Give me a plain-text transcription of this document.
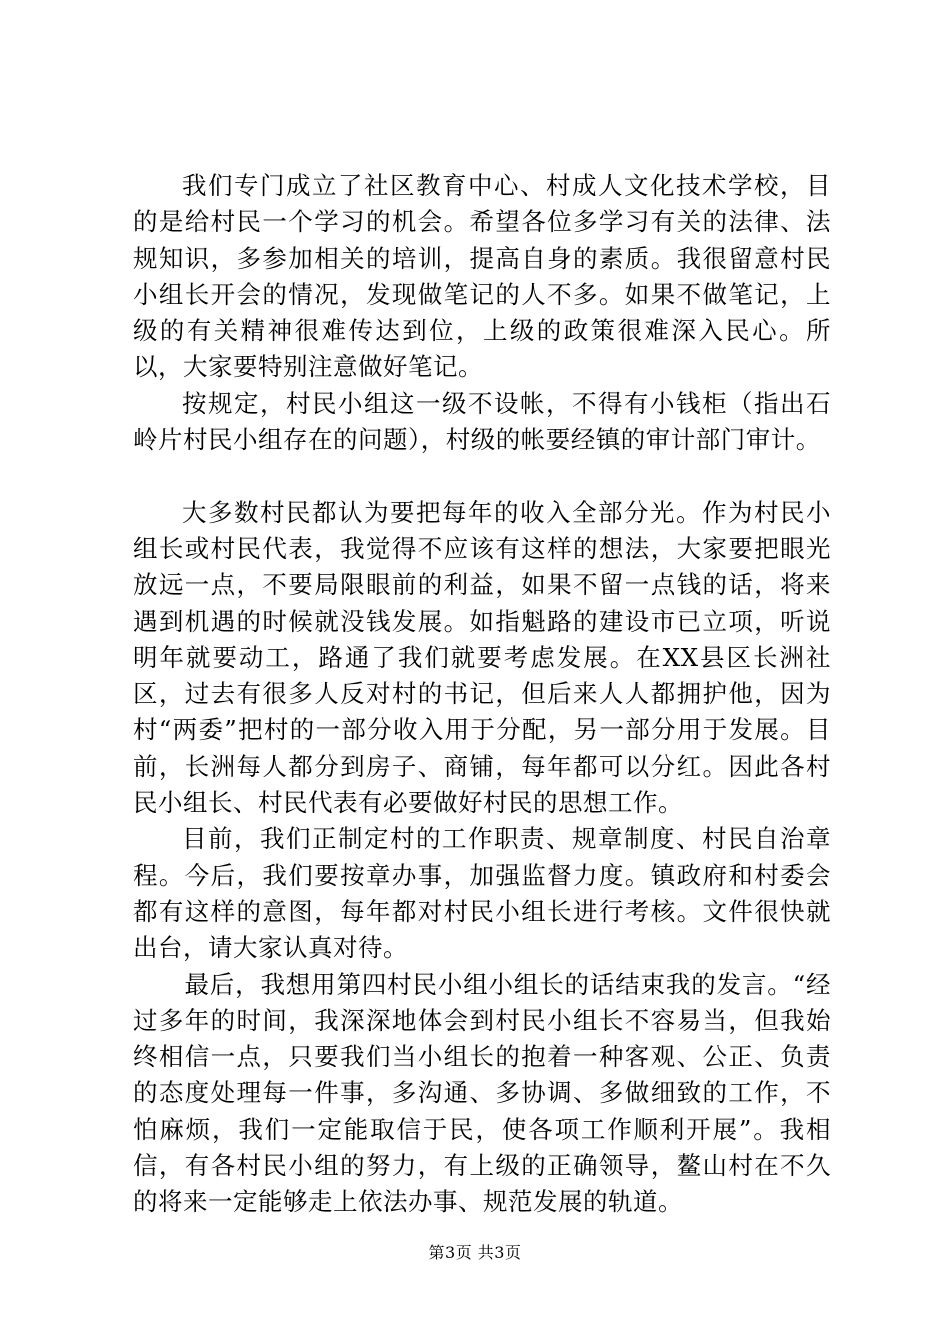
我们专门成立了社区教育中心、村成人文化技术学校，目的是给村民一个学习的机会。希望各位多学习有关的法律、法规知识，多参加相关的培训，提高自身的素质。我很留意村民小组长开会的情况，发现做笔记的人不多。如果不做笔记，上级的有关精神很难传达到位，上级的政策很难深入民心。所以，大家要特别注意做好笔记。

按规定，村民小组这一级不设帐，不得有小钱柜（指出石岭片村民小组存在的问题），村级的帐要经镇的审计部门审计。

大多数村民都认为要把每年的收入全部分光。作为村民小组长或村民代表，我觉得不应该有这样的想法，大家要把眼光放远一点，不要局限眼前的利益，如果不留一点钱的话，将来遇到机遇的时候就没钱发展。如指魁路的建设市已立项，听说明年就要动工，路通了我们就要考虑发展。在XX县区长洲社区，过去有很多人反对村的书记，但后来人人都拥护他，因为村“两委”把村的一部分收入用于分配，另一部分用于发展。目前，长洲每人都分到房子、商铺，每年都可以分红。因此各村民小组长、村民代表有必要做好村民的思想工作。

目前，我们正制定村的工作职责、规章制度、村民自治章程。今后，我们要按章办事，加强监督力度。镇政府和村委会都有这样的意图，每年都对村民小组长进行考核。文件很快就出台，请大家认真对待。

最后，我想用第四村民小组小组长的话结束我的发言。“经过多年的时间，我深深地体会到村民小组长不容易当，但我始终相信一点，只要我们当小组长的抱着一种客观、公正、负责的态度处理每一件事，多沟通、多协调、多做细致的工作，不怕麻烦，我们一定能取信于民，使各项工作顺利开展”。我相信，有各村民小组的努力，有上级的正确领导，鳌山村在不久的将来一定能够走上依法办事、规范发展的轨道。

第3页 共3页
